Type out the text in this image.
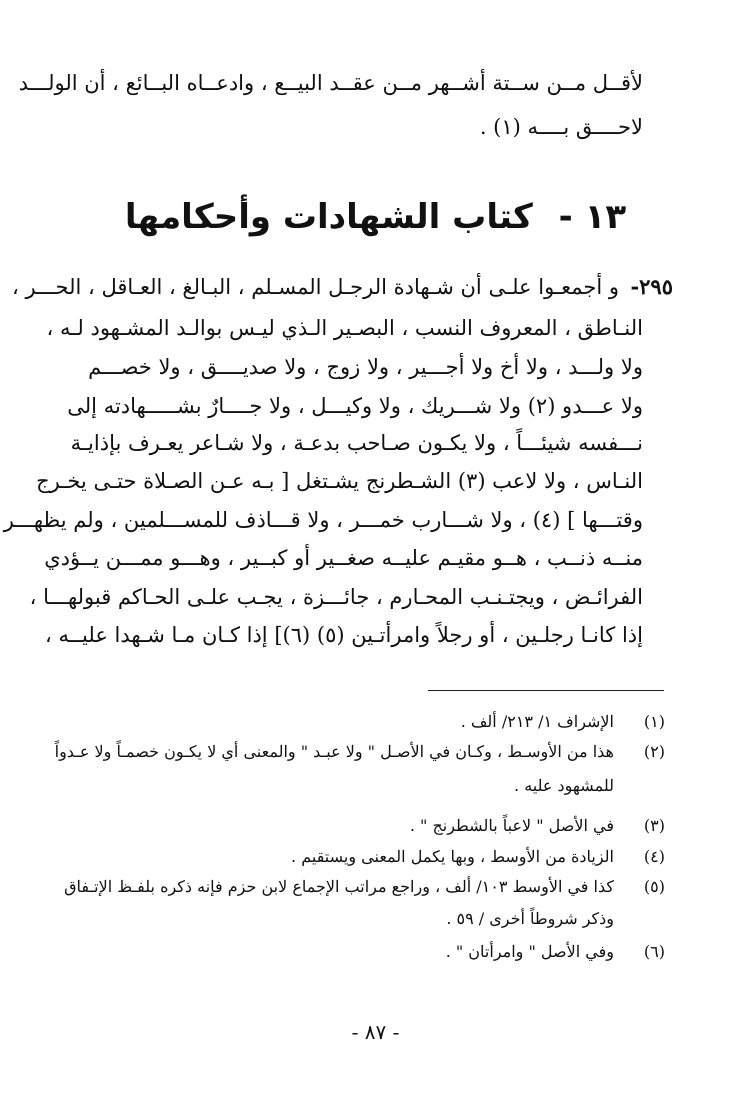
لأقــل مــن ســتة أشــهر مــن عقــد البيــع ، وادعــاه البــائع ، أن الولـــد
لاحــــق بــــه (١) .
١٣ - كتاب الشهادات وأحكامها
٢٩٥-
و أجمعـوا علـى أن شـهادة الرجـل المسـلم ، البـالغ ، العـاقل ، الحـــر ،
النـاطق ، المعروف النسب ، البصـير الـذي ليـس بوالـد المشـهود لـه ،
ولا ولـــد ، ولا أخ ولا أجـــير ، ولا زوج ، ولا صديــــق ، ولا خصـــم
ولا عـــدو (٢) ولا شـــريك ، ولا وكيـــل ، ولا جــــارٌ بشـــــهادته إلى
نـــفسه شيئـــاً ، ولا يكـون صـاحب بدعـة ، ولا شـاعر يعـرف بإذايـة
النـاس ، ولا لاعب (٣) الشـطرنج يشـتغل [ بـه عـن الصـلاة حتـى يخـرج
وقتـــها ] (٤) ، ولا شـــارب خمـــر ، ولا قـــاذف للمســـلمين ، ولم يظهـــر
منــه ذنــب ، هــو مقيـم عليــه صغــير أو كبــير ، وهـــو ممـــن يــؤدي
الفرائـض ، ويجتـنـب المحـارم ، جائـــزة ، يجـب علـى الحـاكم قبولهـــا ،
إذا كانـا رجلـين ، أو رجلاً وامرأتـين (٥) (٦)] إذا كـان مـا شـهدا عليــه ،
(١)
الإشراف ١/ ٢١٣/ ألف .
(٢)
هذا من الأوسـط ، وكـان في الأصـل " ولا عبـد " والمعنى أي لا يكـون خصمـاً ولا عـدواً
للمشهود عليه .
(٣)
في الأصل " لاعباً بالشطرنج " .
(٤)
الزيادة من الأوسط ، وبها يكمل المعنى ويستقيم .
(٥)
كذا في الأوسط ١٠٣/ ألف ، وراجع مراتب الإجماع لابن حزم فإنه ذكره بلفـظ الإتـفاق
وذكر شروطاً أخرى / ٥٩ .
(٦)
وفي الأصل " وامرأتان " .
- ٨٧ -
